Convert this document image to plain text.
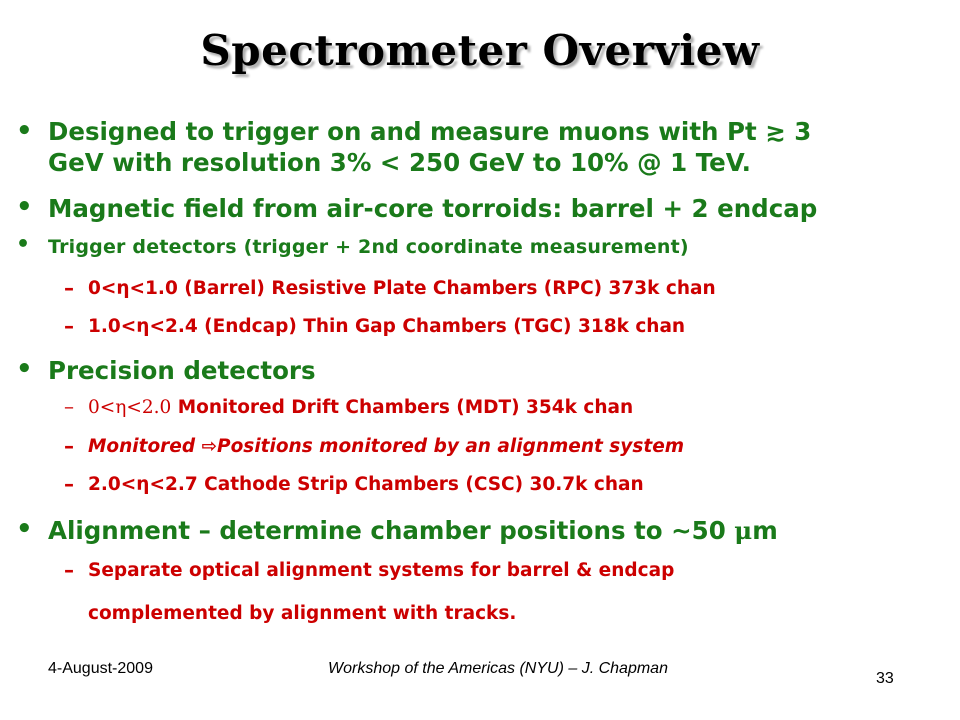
Spectrometer Overview
• Designed to trigger on and measure muons with Pt ≳ 3
GeV with resolution 3% < 250 GeV to 10% @ 1 TeV.
• Magnetic field from air-core torroids: barrel + 2 endcap
• Trigger detectors (trigger + 2nd coordinate measurement)
– 0<η<1.0 (Barrel) Resistive Plate Chambers (RPC) 373k chan
– 1.0<η<2.4 (Endcap) Thin Gap Chambers (TGC) 318k chan
• Precision detectors
– 0<η<2.0 Monitored Drift Chambers (MDT) 354k chan
– Monitored ⇨Positions monitored by an alignment system
– 2.0<η<2.7 Cathode Strip Chambers (CSC) 30.7k chan
• Alignment – determine chamber positions to ~50 μm
– Separate optical alignment systems for barrel & endcap
complemented by alignment with tracks.
4-August-2009	Workshop of the Americas (NYU) – J. Chapman
33
